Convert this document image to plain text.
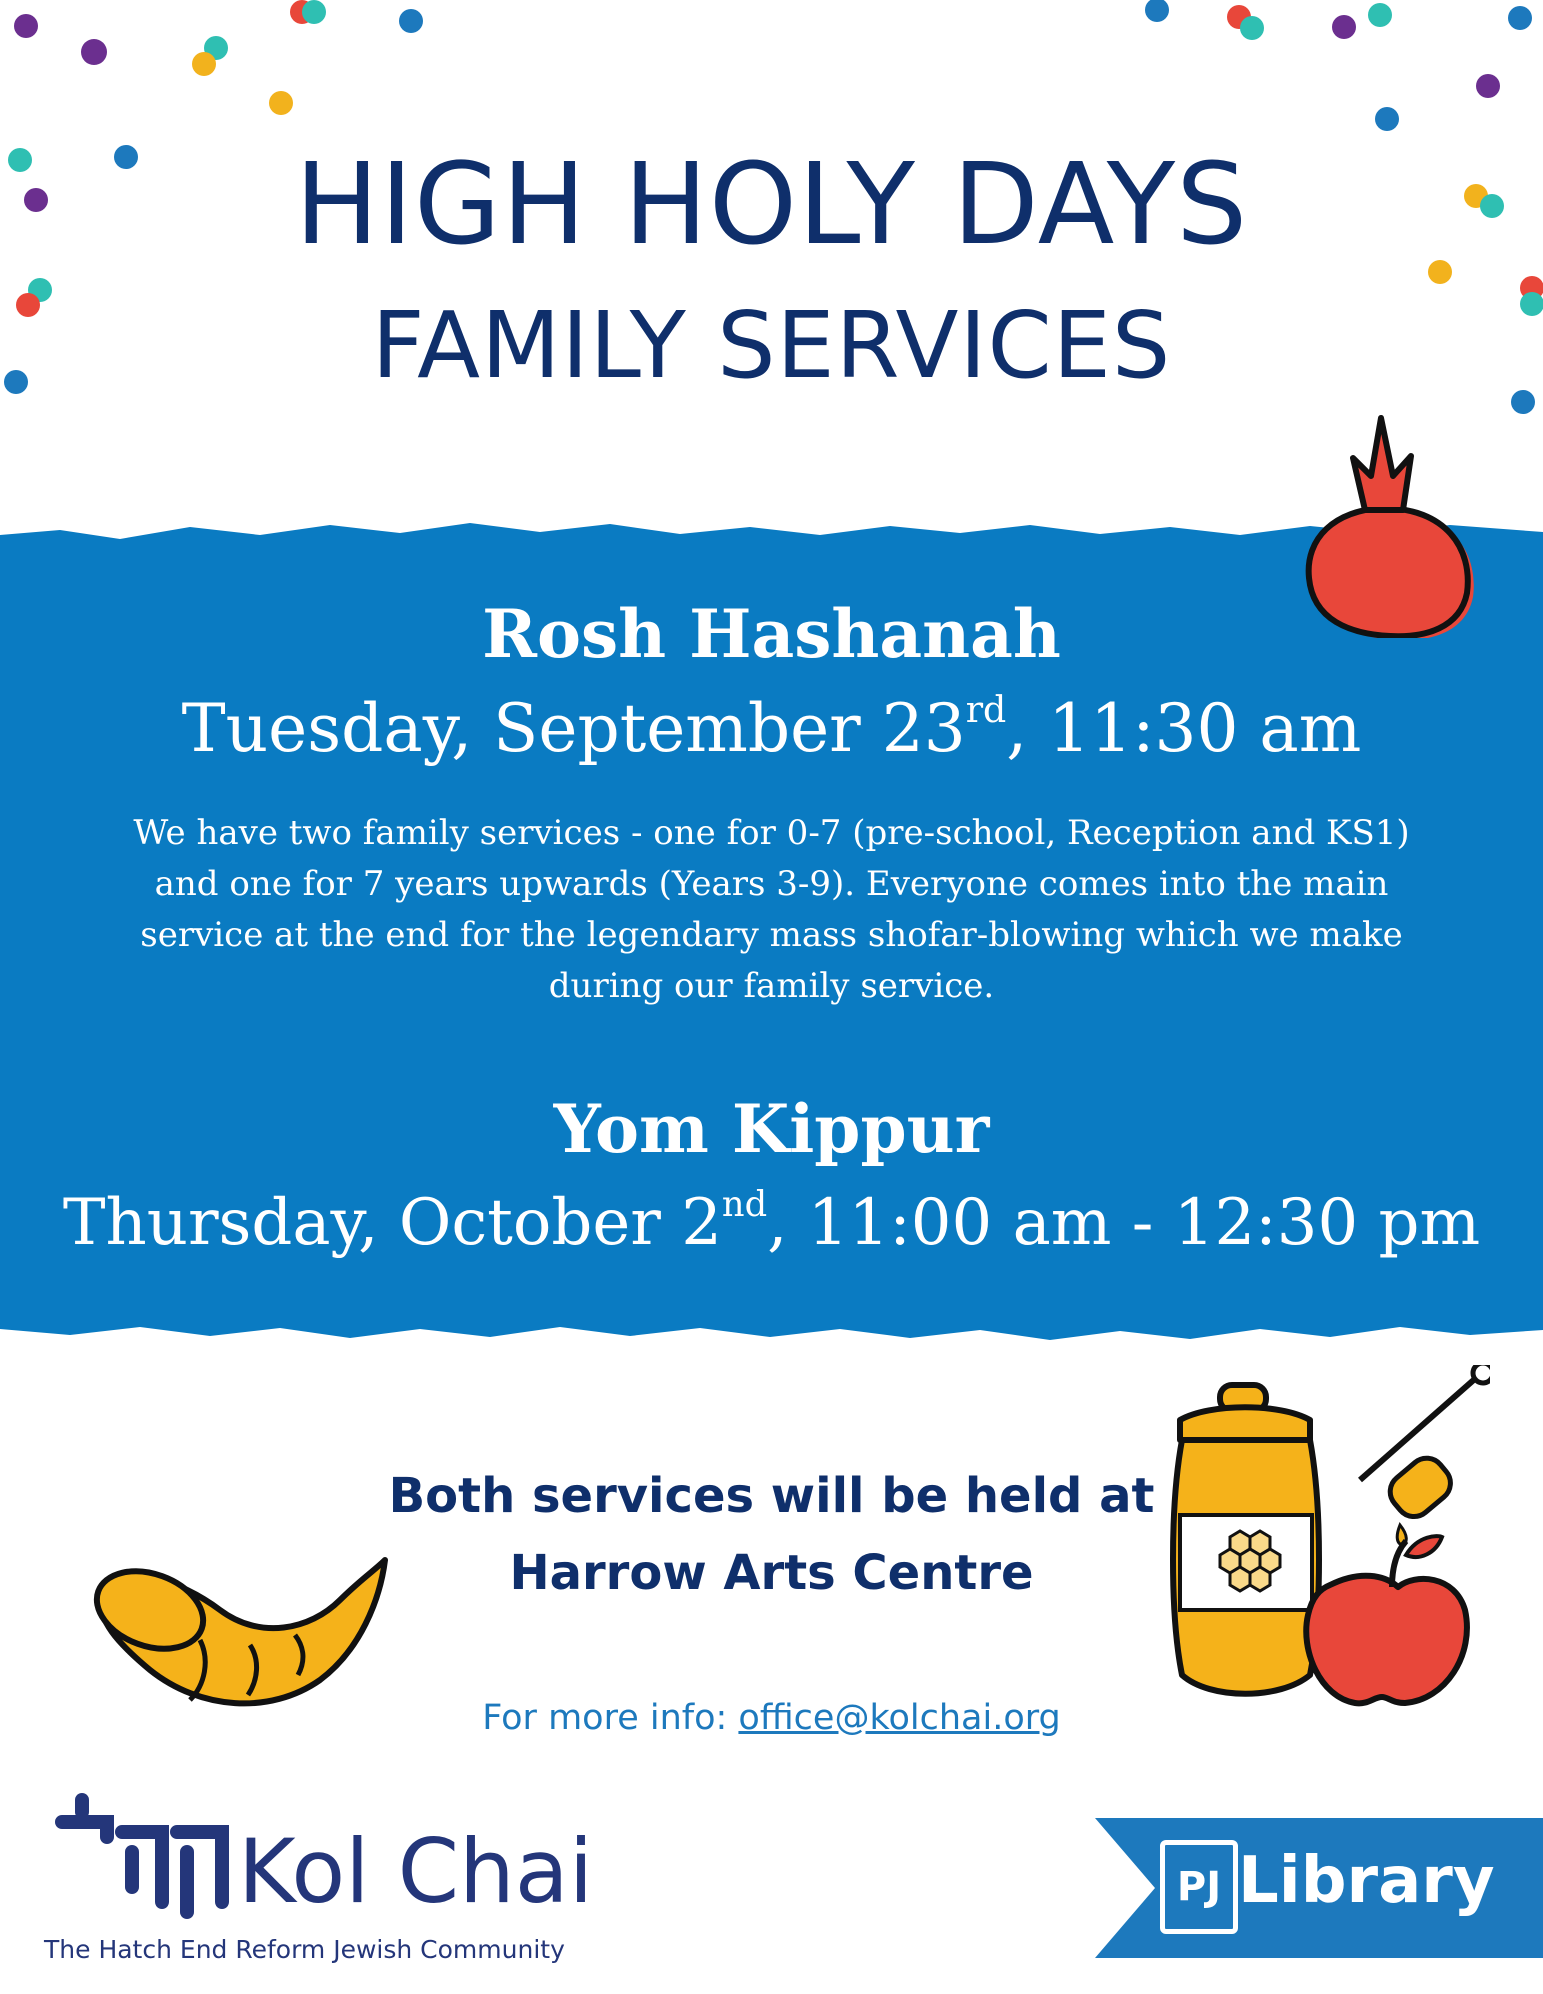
HIGH HOLY DAYS
FAMILY SERVICES
Rosh Hashanah
Tuesday, September 23rd, 11:30 am
We have two family services - one for 0-7 (pre-school, Reception and KS1) and one for 7 years upwards (Years 3-9). Everyone comes into the main service at the end for the legendary mass shofar-blowing which we make during our family service.
Yom Kippur
Thursday, October 2nd, 11:00 am - 12:30 pm
Both services will be held at
Harrow Arts Centre
For more info: office@kolchai.org
Kol Chai
The Hatch End Reform Jewish Community
PJ Library
